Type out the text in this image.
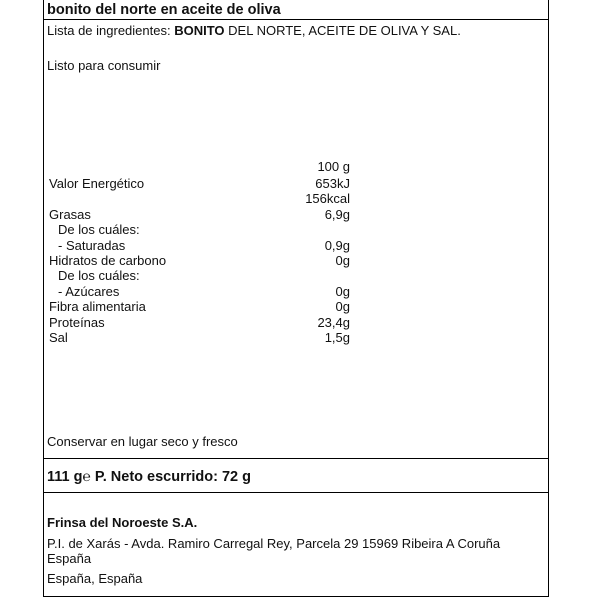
bonito del norte en aceite de oliva
Lista de ingredientes: BONITO DEL NORTE, ACEITE DE OLIVA Y SAL.
Listo para consumir
100 g
Valor Energético	653kJ
156kcal
Grasas	6,9g
De los cuáles:
- Saturadas	0,9g
Hidratos de carbono	0g
De los cuáles:
- Azúcares	0g
Fibra alimentaria	0g
Proteínas	23,4g
Sal	1,5g
Conservar en lugar seco y fresco
111 g℮ P. Neto escurrido: 72 g
Frinsa del Noroeste S.A.
P.I. de Xarás - Avda. Ramiro Carregal Rey, Parcela 29 15969 Ribeira A Coruña
España
España, España
